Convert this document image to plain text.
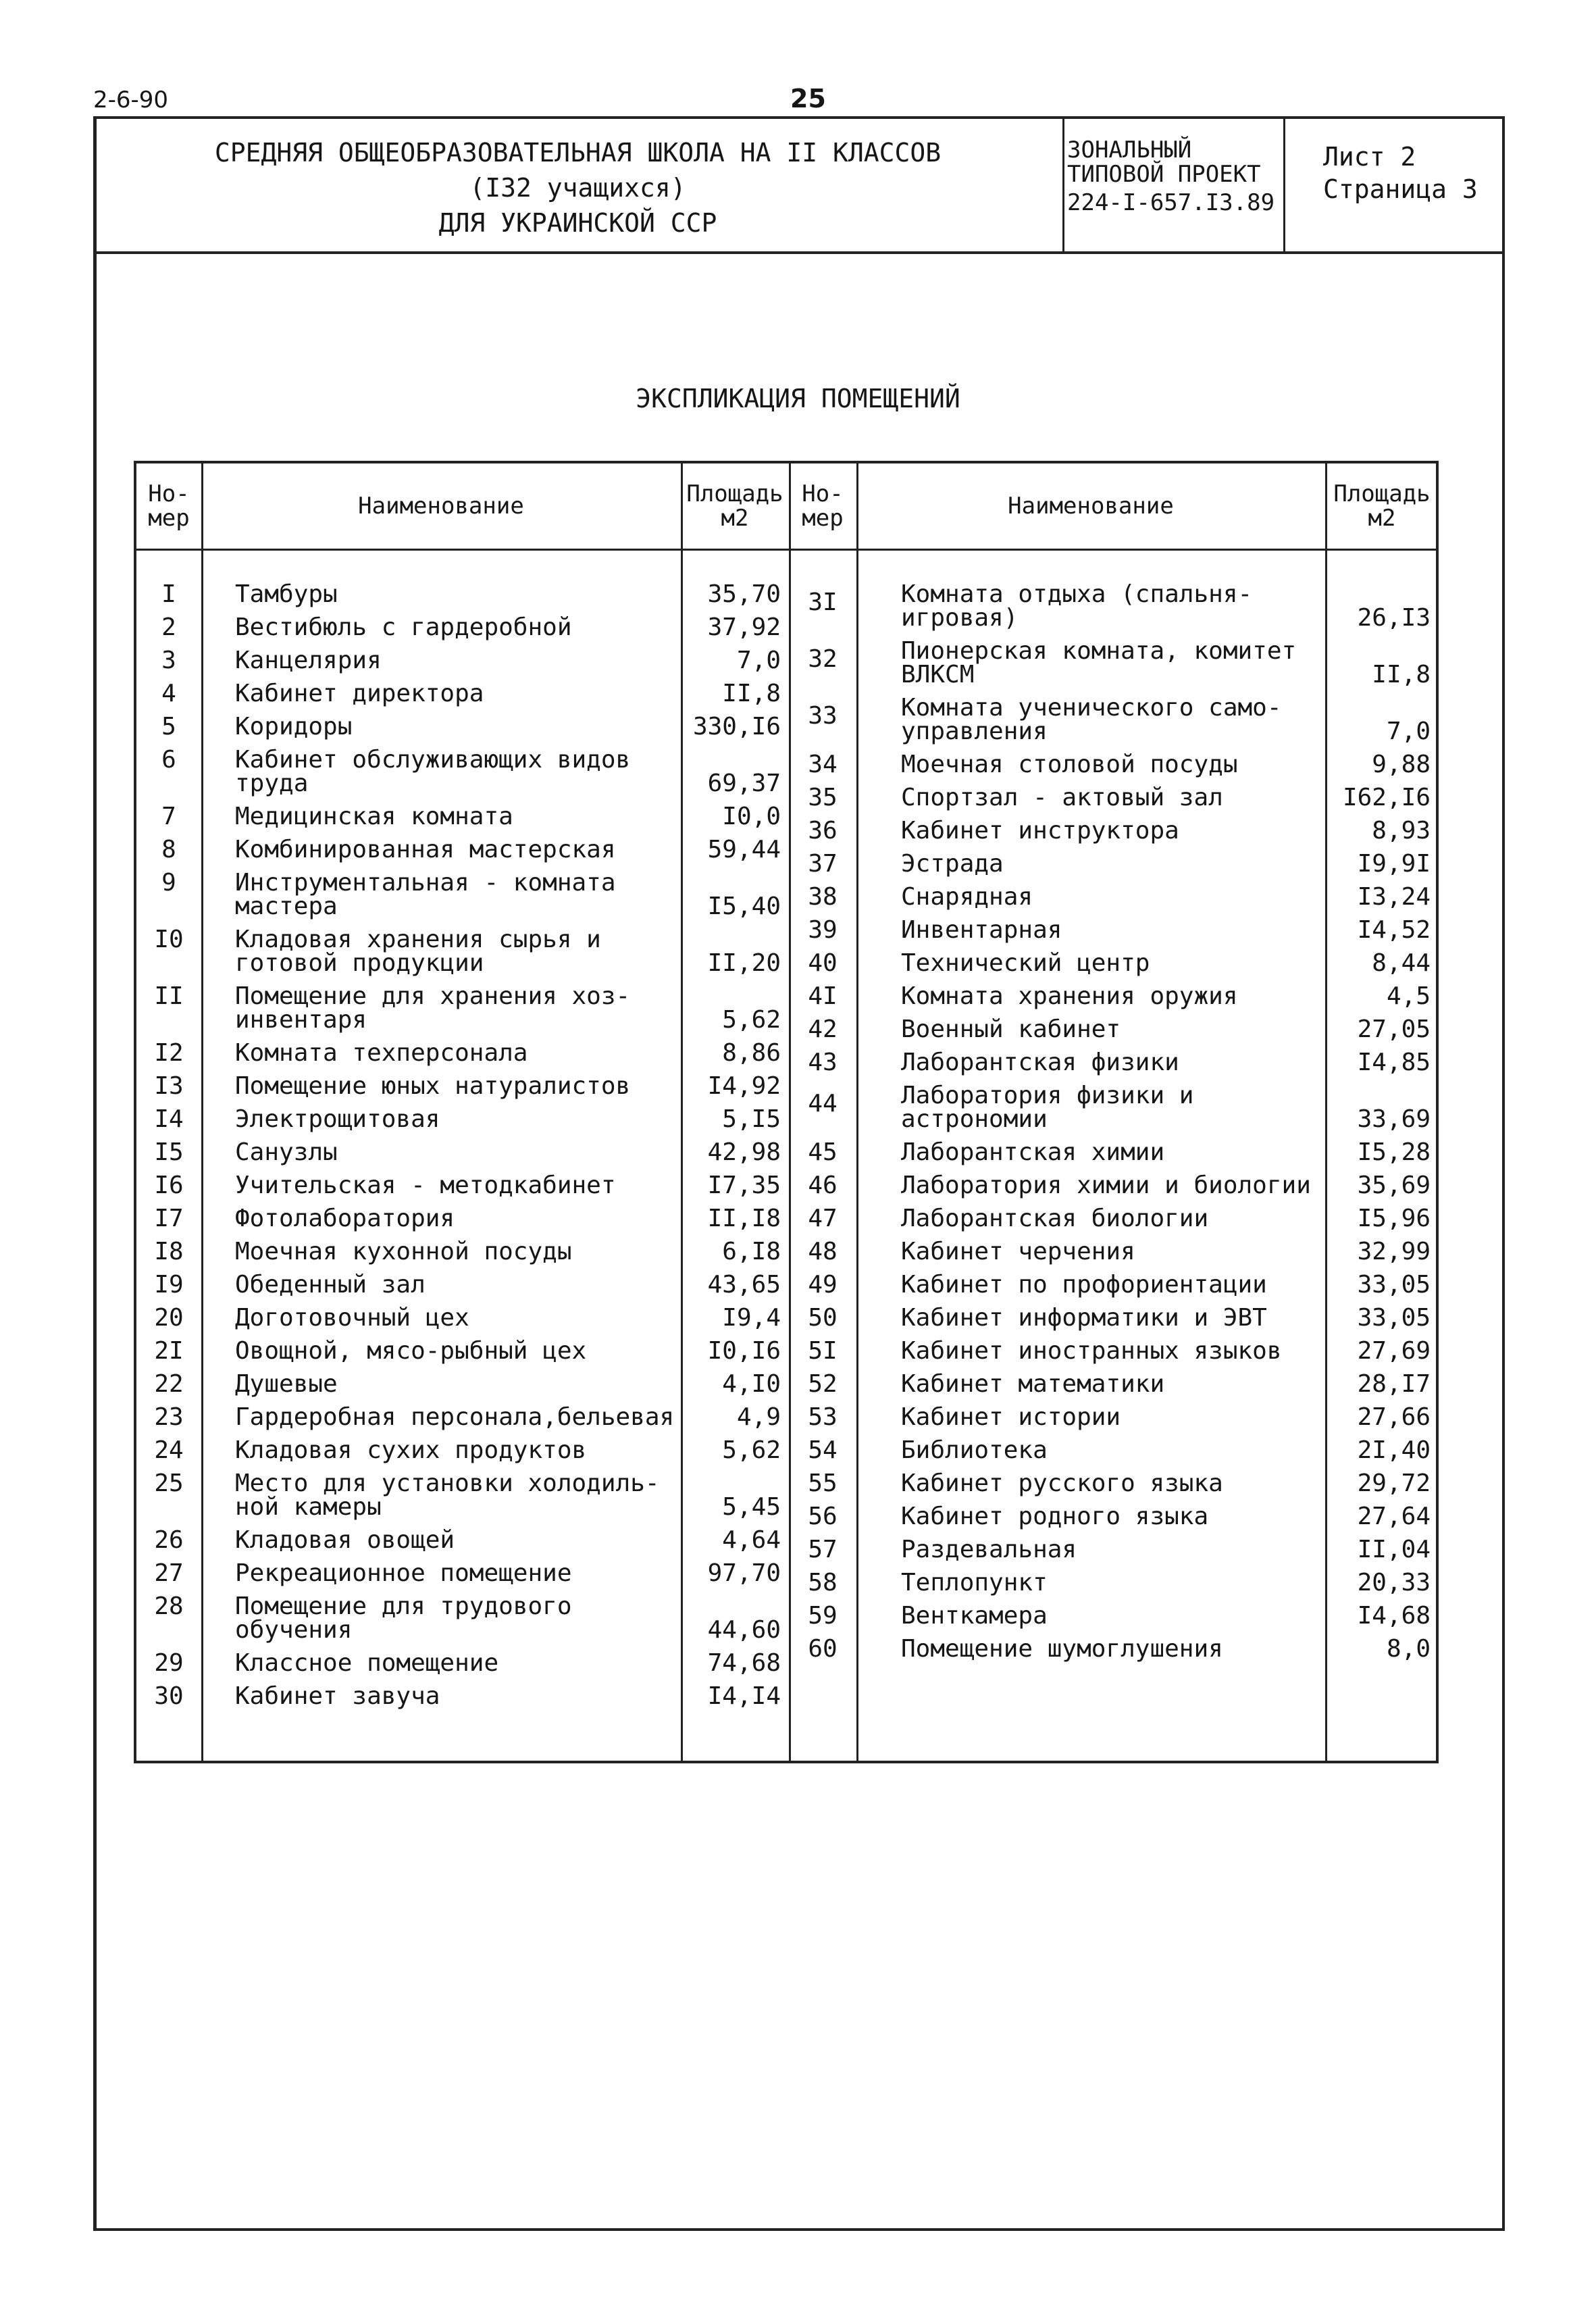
2-6-90	25
СРЕДНЯЯ ОБЩЕОБРАЗОВАТЕЛЬНАЯ ШКОЛА НА II КЛАССОВ
(I32 учащихся)
ДЛЯ УКРАИНСКОЙ ССР
ЗОНАЛЬНЫЙ
ТИПОВОЙ ПРОЕКТ
224-I-657.I3.89
Лист 2
Страница 3
ЭКСПЛИКАЦИЯ ПОМЕЩЕНИЙ
Но-
мер	Наименование	Площадь
м2
Но-
мер	Наименование	Площадь
м2
I	Тамбуры	35,70
2	Вестибюль с гардеробной	37,92
3	Канцелярия	7,0
4	Кабинет директора	II,8
5	Коридоры	330,I6
6	Кабинет обслуживающих видов
труда	69,37
7	Медицинская комната	I0,0
8	Комбинированная мастерская	59,44
9	Инструментальная - комната
мастера	I5,40
I0	Кладовая хранения сырья и
готовой продукции	II,20
II	Помещение для хранения хоз-
инвентаря	5,62
I2	Комната техперсонала	8,86
I3	Помещение юных натуралистов	I4,92
I4	Электрощитовая	5,I5
I5	Санузлы	42,98
I6	Учительская - методкабинет	I7,35
I7	Фотолаборатория	II,I8
I8	Моечная кухонной посуды	6,I8
I9	Обеденный зал	43,65
20	Доготовочный цех	I9,4
2I	Овощной, мясо-рыбный цех	I0,I6
22	Душевые	4,I0
23	Гардеробная персонала,бельевая	4,9
24	Кладовая сухих продуктов	5,62
25	Место для установки холодиль-
ной камеры	5,45
26	Кладовая овощей	4,64
27	Рекреационное помещение	97,70
28	Помещение для трудового
обучения	44,60
29	Классное помещение	74,68
30	Кабинет завуча	I4,I4
3I	Комната отдыха (спальня-
игровая)	26,I3
32	Пионерская комната, комитет
ВЛКСМ	II,8
33	Комната ученического само-
управления	7,0
34	Моечная столовой посуды	9,88
35	Спортзал - актовый зал	I62,I6
36	Кабинет инструктора	8,93
37	Эстрада	I9,9I
38	Снарядная	I3,24
39	Инвентарная	I4,52
40	Технический центр	8,44
4I	Комната хранения оружия	4,5
42	Военный кабинет	27,05
43	Лаборантская физики	I4,85
44	Лаборатория физики и
астрономии	33,69
45	Лаборантская химии	I5,28
46	Лаборатория химии и биологии	35,69
47	Лаборантская биологии	I5,96
48	Кабинет черчения	32,99
49	Кабинет по профориентации	33,05
50	Кабинет информатики и ЭВТ	33,05
5I	Кабинет иностранных языков	27,69
52	Кабинет математики	28,I7
53	Кабинет истории	27,66
54	Библиотека	2I,40
55	Кабинет русского языка	29,72
56	Кабинет родного языка	27,64
57	Раздевальная	II,04
58	Теплопункт	20,33
59	Венткамера	I4,68
60	Помещение шумоглушения	8,0
